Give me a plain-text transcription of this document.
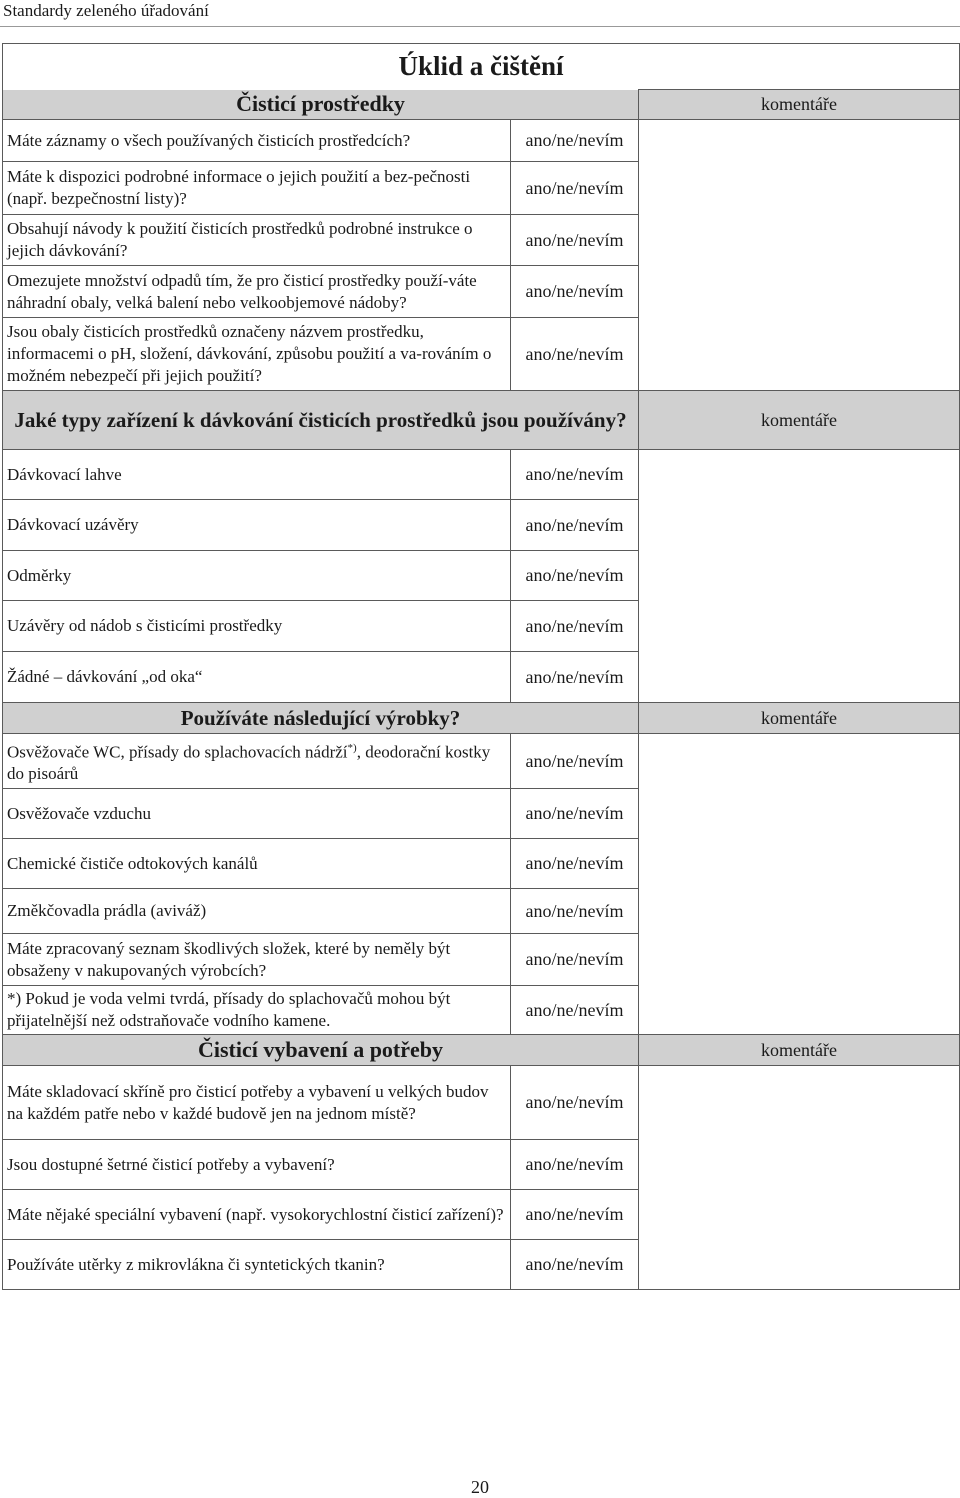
Standardy zeleného úřadování
Úklid a čištění		
Čisticí prostředky		komentáře
Máte záznamy o všech používaných čisticích prostředcích?	ano/ne/nevím	
Máte k dispozici podrobné informace o jejich použití a bez-pečnosti (např. bezpečnostní listy)?	ano/ne/nevím	
Obsahují návody k použití čisticích prostředků podrobné instrukce o jejich dávkování?	ano/ne/nevím	
Omezujete množství odpadů tím, že pro čisticí prostředky použí-váte náhradní obaly, velká balení nebo velkoobjemové nádoby?	ano/ne/nevím	
Jsou obaly čisticích prostředků označeny názvem prostředku, informacemi o pH, složení, dávkování, způsobu použití a va-rováním o možném nebezpečí při jejich použití?	ano/ne/nevím	
Jaké typy zařízení k dávkování čisticích prostředků jsou používány?		komentáře
Dávkovací lahve	ano/ne/nevím	
Dávkovací uzávěry	ano/ne/nevím	
Odměrky	ano/ne/nevím	
Uzávěry od nádob s čisticími prostředky	ano/ne/nevím	
Žádné – dávkování „od oka“	ano/ne/nevím	
Používáte následující výrobky?		komentáře
Osvěžovače WC, přísady do splachovacích nádrží*), deodorační kostky do pisoárů	ano/ne/nevím	
Osvěžovače vzduchu	ano/ne/nevím	
Chemické čističe odtokových kanálů	ano/ne/nevím	
Změkčovadla prádla (aviváž)	ano/ne/nevím	
Máte zpracovaný seznam škodlivých složek, které by neměly být obsaženy v nakupovaných výrobcích?	ano/ne/nevím	
*) Pokud je voda velmi tvrdá, přísady do splachovačů mohou být přijatelnější než odstraňovače vodního kamene.	ano/ne/nevím	
Čisticí vybavení a potřeby		komentáře
Máte skladovací skříně pro čisticí potřeby a vybavení u velkých budov na každém patře nebo v každé budově jen na jednom místě?	ano/ne/nevím	
Jsou dostupné šetrné čisticí potřeby a vybavení?	ano/ne/nevím	
Máte nějaké speciální vybavení (např. vysokorychlostní čisticí zařízení)?	ano/ne/nevím	
Používáte utěrky z mikrovlákna či syntetických tkanin?	ano/ne/nevím	
20
